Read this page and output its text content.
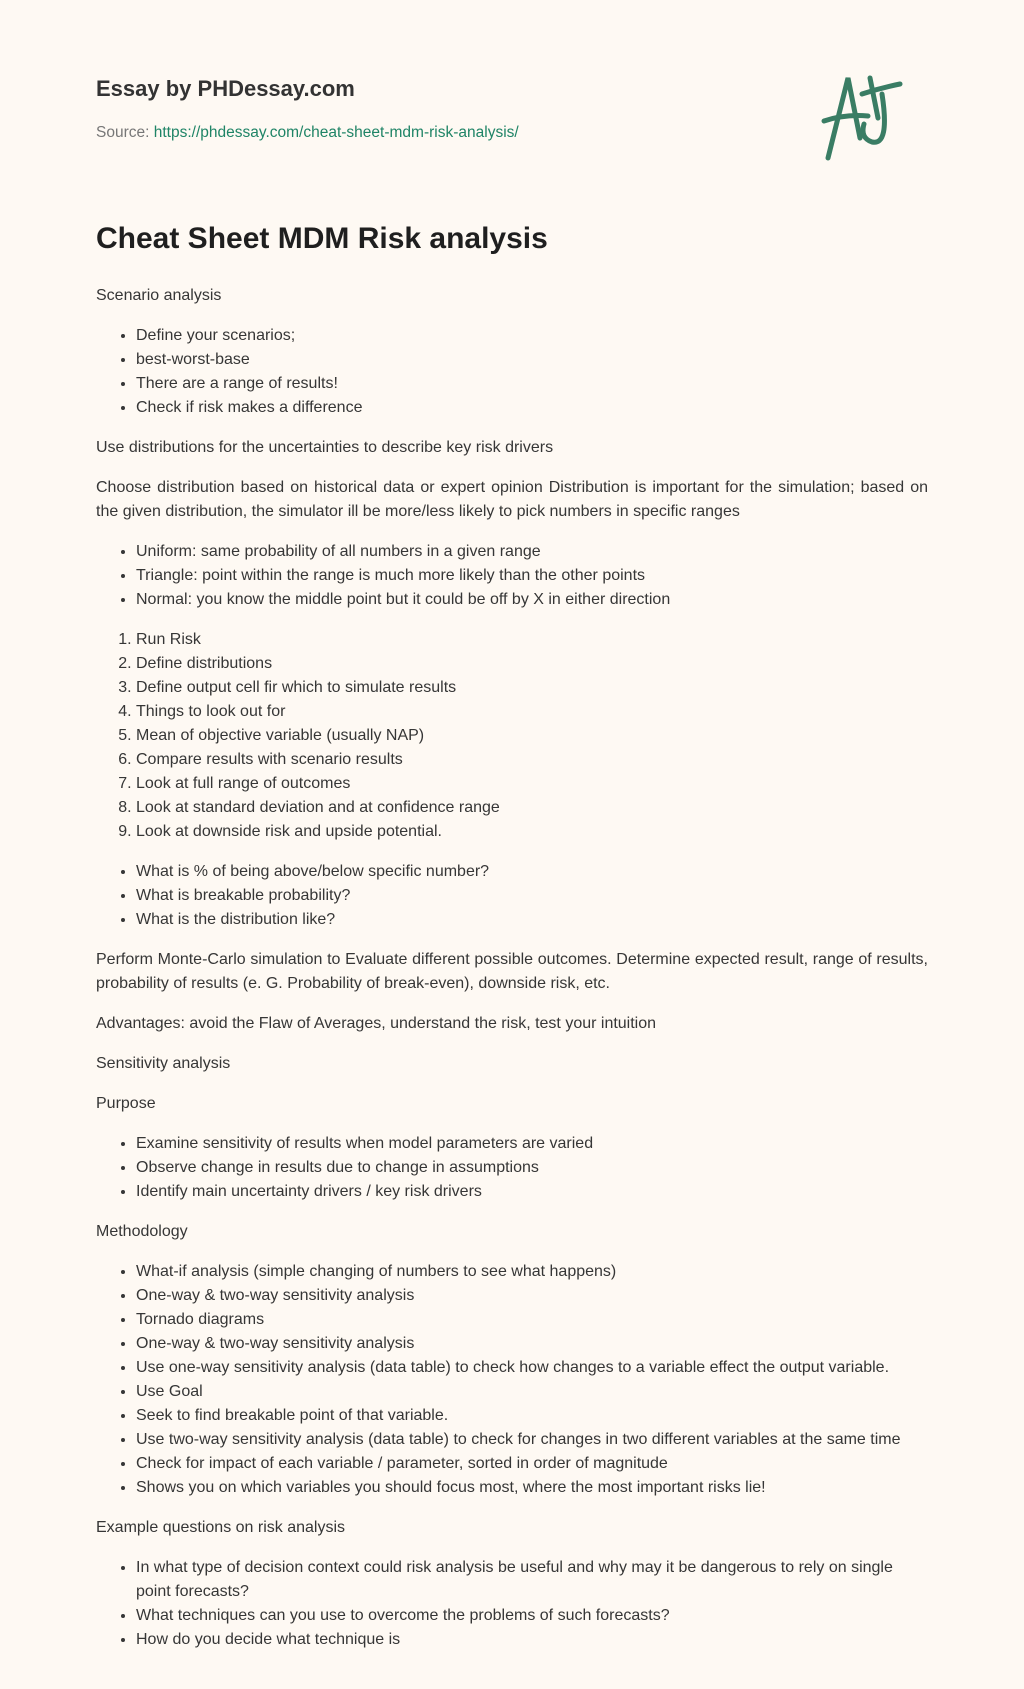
Essay by PHDessay.com
Source: https://phdessay.com/cheat-sheet-mdm-risk-analysis/
Cheat Sheet MDM Risk analysis

Scenario analysis

• Define your scenarios;
• best-worst-base
• There are a range of results!
• Check if risk makes a difference

Use distributions for the uncertainties to describe key risk drivers

Choose distribution based on historical data or expert opinion Distribution is important for the simulation; based on the given distribution, the simulator ill be more/less likely to pick numbers in specific ranges

• Uniform: same probability of all numbers in a given range
• Triangle: point within the range is much more likely than the other points
• Normal: you know the middle point but it could be off by X in either direction
1. Run Risk
2. Define distributions
3. Define output cell fir which to simulate results
4. Things to look out for
5. Mean of objective variable (usually NAP)
6. Compare results with scenario results
7. Look at full range of outcomes
8. Look at standard deviation and at confidence range
9. Look at downside risk and upside potential.
• What is % of being above/below specific number?
• What is breakable probability?
• What is the distribution like?

Perform Monte-Carlo simulation to Evaluate different possible outcomes. Determine expected result, range of results, probability of results (e. G. Probability of break-even), downside risk, etc.

Advantages: avoid the Flaw of Averages, understand the risk, test your intuition

Sensitivity analysis

Purpose

• Examine sensitivity of results when model parameters are varied
• Observe change in results due to change in assumptions
• Identify main uncertainty drivers / key risk drivers

Methodology

• What-if analysis (simple changing of numbers to see what happens)
• One-way & two-way sensitivity analysis
• Tornado diagrams
• One-way & two-way sensitivity analysis
• Use one-way sensitivity analysis (data table) to check how changes to a variable effect the output variable.
• Use Goal
• Seek to find breakable point of that variable.
• Use two-way sensitivity analysis (data table) to check for changes in two different variables at the same time
• Check for impact of each variable / parameter, sorted in order of magnitude
• Shows you on which variables you should focus most, where the most important risks lie!

Example questions on risk analysis

• In what type of decision context could risk analysis be useful and why may it be dangerous to rely on single point forecasts?
• What techniques can you use to overcome the problems of such forecasts?
• How do you decide what technique is
